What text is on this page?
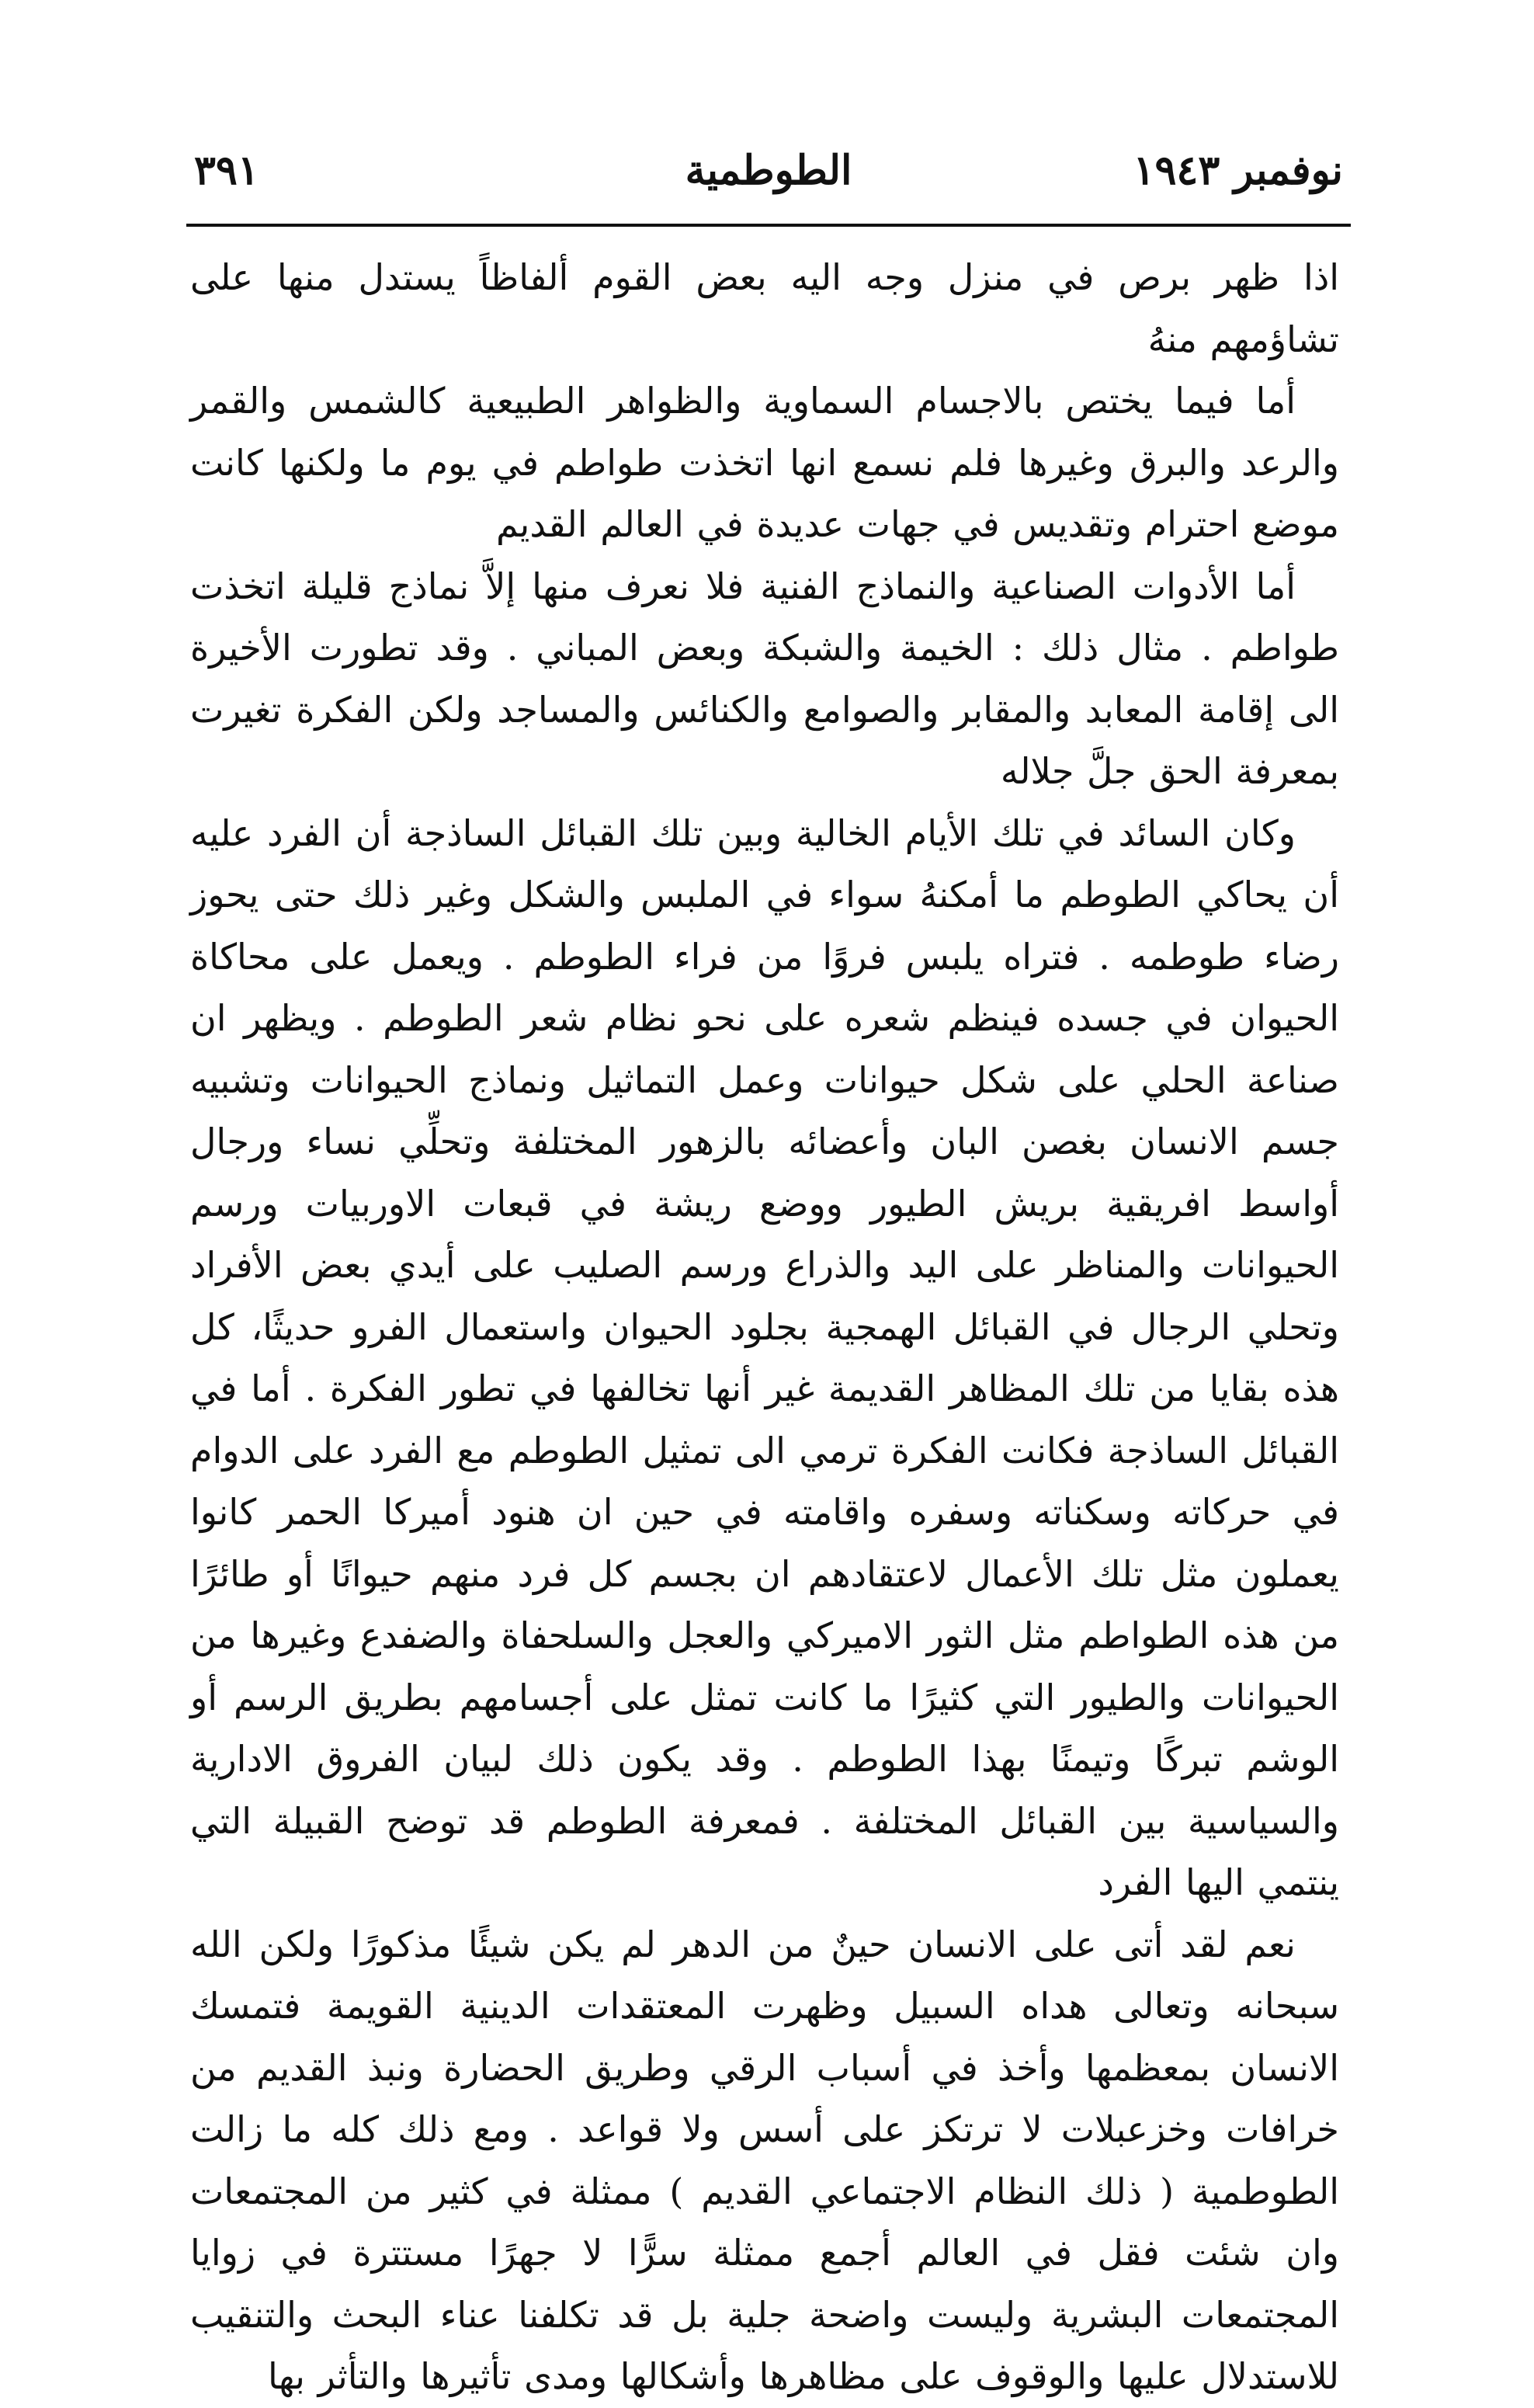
نوفمبر ١٩٤٣
الطوطمية
٣٩١

اذا ظهر برص في منزل وجه اليه بعض القوم ألفاظاً يستدل منها على تشاؤمهم منهُ

أما فيما يختص بالاجسام السماوية والظواهر الطبيعية كالشمس والقمر والرعد والبرق وغيرها فلم نسمع انها اتخذت طواطم في يوم ما ولكنها كانت موضع احترام وتقديس في جهات عديدة في العالم القديم

أما الأدوات الصناعية والنماذج الفنية فلا نعرف منها إلاَّ نماذج قليلة اتخذت طواطم . مثال ذلك : الخيمة والشبكة وبعض المباني . وقد تطورت الأخيرة الى إقامة المعابد والمقابر والصوامع والكنائس والمساجد ولكن الفكرة تغيرت بمعرفة الحق جلَّ جلاله

وكان السائد في تلك الأيام الخالية وبين تلك القبائل الساذجة أن الفرد عليه أن يحاكي الطوطم ما أمكنهُ سواء في الملبس والشكل وغير ذلك حتى يحوز رضاء طوطمه . فتراه يلبس فروًا من فراء الطوطم . ويعمل على محاكاة الحيوان في جسده فينظم شعره على نحو نظام شعر الطوطم . ويظهر ان صناعة الحلي على شكل حيوانات وعمل التماثيل ونماذج الحيوانات وتشبيه جسم الانسان بغصن البان وأعضائه بالزهور المختلفة وتحلِّي نساء ورجال أواسط افريقية بريش الطيور ووضع ريشة في قبعات الاوربيات ورسم الحيوانات والمناظر على اليد والذراع ورسم الصليب على أيدي بعض الأفراد وتحلي الرجال في القبائل الهمجية بجلود الحيوان واستعمال الفرو حديثًا، كل هذه بقايا من تلك المظاهر القديمة غير أنها تخالفها في تطور الفكرة . أما في القبائل الساذجة فكانت الفكرة ترمي الى تمثيل الطوطم مع الفرد على الدوام في حركاته وسكناته وسفره واقامته في حين ان هنود أميركا الحمر كانوا يعملون مثل تلك الأعمال لاعتقادهم ان بجسم كل فرد منهم حيوانًا أو طائرًا من هذه الطواطم مثل الثور الاميركي والعجل والسلحفاة والضفدع وغيرها من الحيوانات والطيور التي كثيرًا ما كانت تمثل على أجسامهم بطريق الرسم أو الوشم تبركًا وتيمنًا بهذا الطوطم . وقد يكون ذلك لبيان الفروق الادارية والسياسية بين القبائل المختلفة . فمعرفة الطوطم قد توضح القبيلة التي ينتمي اليها الفرد

نعم لقد أتى على الانسان حينٌ من الدهر لم يكن شيئًا مذكورًا ولكن الله سبحانه وتعالى هداه السبيل وظهرت المعتقدات الدينية القويمة فتمسك الانسان بمعظمها وأخذ في أسباب الرقي وطريق الحضارة ونبذ القديم من خرافات وخزعبلات لا ترتكز على أسس ولا قواعد . ومع ذلك كله ما زالت الطوطمية ( ذلك النظام الاجتماعي القديم ) ممثلة في كثير من المجتمعات وان شئت فقل في العالم أجمع ممثلة سرًّا لا جهرًا مستترة في زوايا المجتمعات البشرية وليست واضحة جلية بل قد تكلفنا عناء البحث والتنقيب للاستدلال عليها والوقوف على مظاهرها وأشكالها ومدى تأثيرها والتأثر بها
